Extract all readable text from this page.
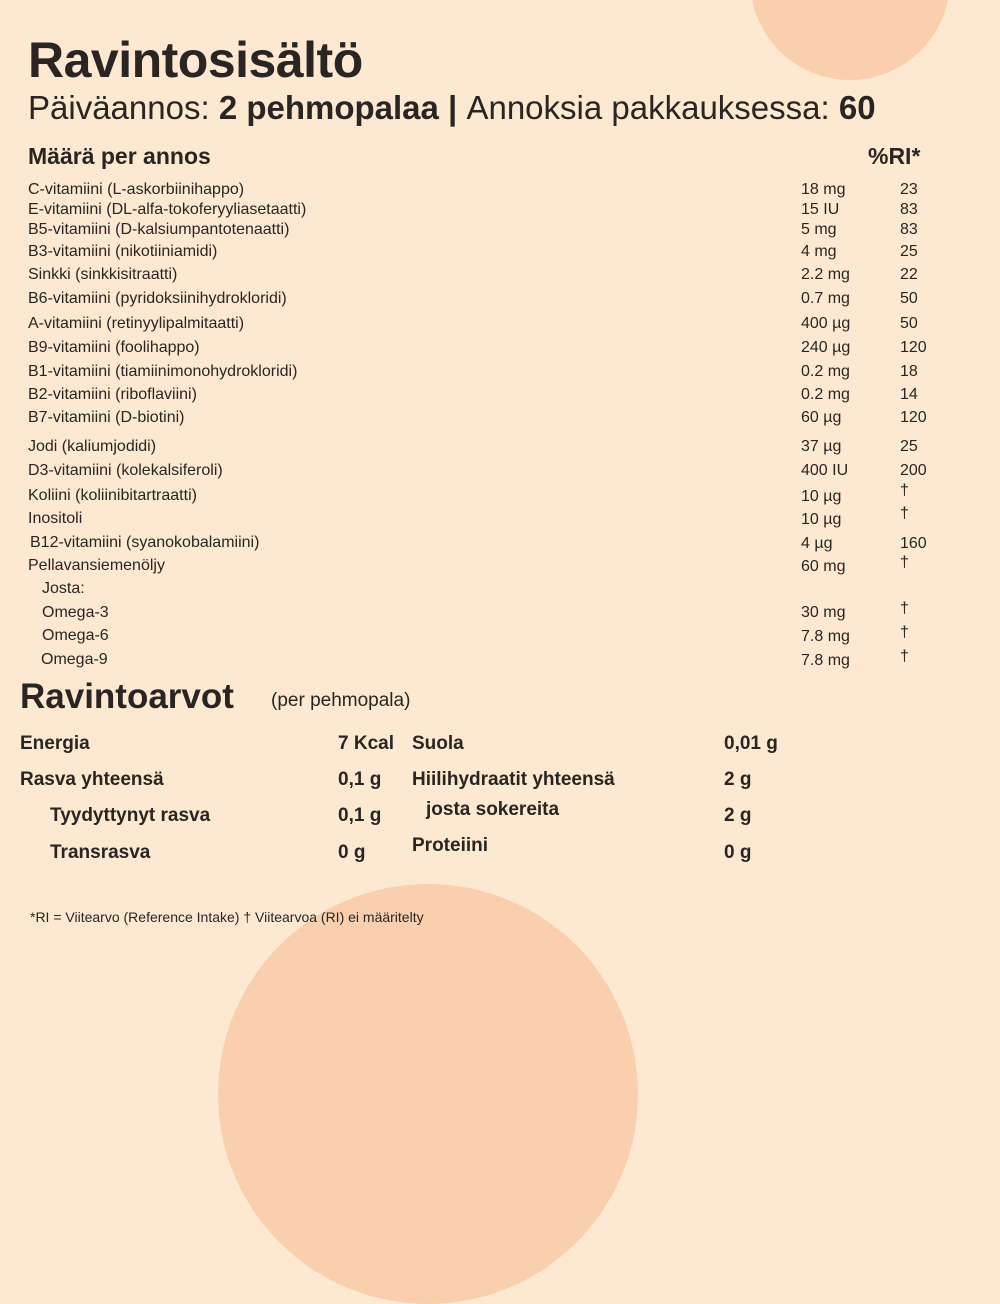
Ravintosisältö
Päiväannos: 2 pehmopalaa | Annoksia pakkauksessa: 60
Määrä per annos	%RI*
C-vitamiini (L-askorbiinihappo)	18 mg	23
E-vitamiini (DL-alfa-tokoferyyliasetaatti)	15 IU	83
B5-vitamiini (D-kalsiumpantotenaatti)	5 mg	83
B3-vitamiini (nikotiiniamidi)	4 mg	25
Sinkki (sinkkisitraatti)	2.2 mg	22
B6-vitamiini (pyridoksiinihydrokloridi)	0.7 mg	50
A-vitamiini (retinyylipalmitaatti)	400 µg	50
B9-vitamiini (foolihappo)	240 µg	120
B1-vitamiini (tiamiinimonohydrokloridi)	0.2 mg	18
B2-vitamiini (riboflaviini)	0.2 mg	14
B7-vitamiini (D-biotini)	60 µg	120
Jodi (kaliumjodidi)	37 µg	25
D3-vitamiini (kolekalsiferoli)	400 IU	200
Koliini (koliinibitartraatti)	10 µg	†
Inositoli	10 µg	†
B12-vitamiini (syanokobalamiini)	4 µg	160
Pellavansiemenöljy	60 mg	†
Josta:
Omega-3	30 mg	†
Omega-6	7.8 mg	†
Omega-9	7.8 mg	†
Ravintoarvot (per pehmopala)
Energia	7 Kcal
Rasva yhteensä	0,1 g
Tyydyttynyt rasva	0,1 g
Transrasva	0 g
Suola	0,01 g
Hiilihydraatit yhteensä	2 g
josta sokereita	2 g
Proteiini	0 g
*RI = Viitearvo (Reference Intake) † Viitearvoa (RI) ei määritelty
